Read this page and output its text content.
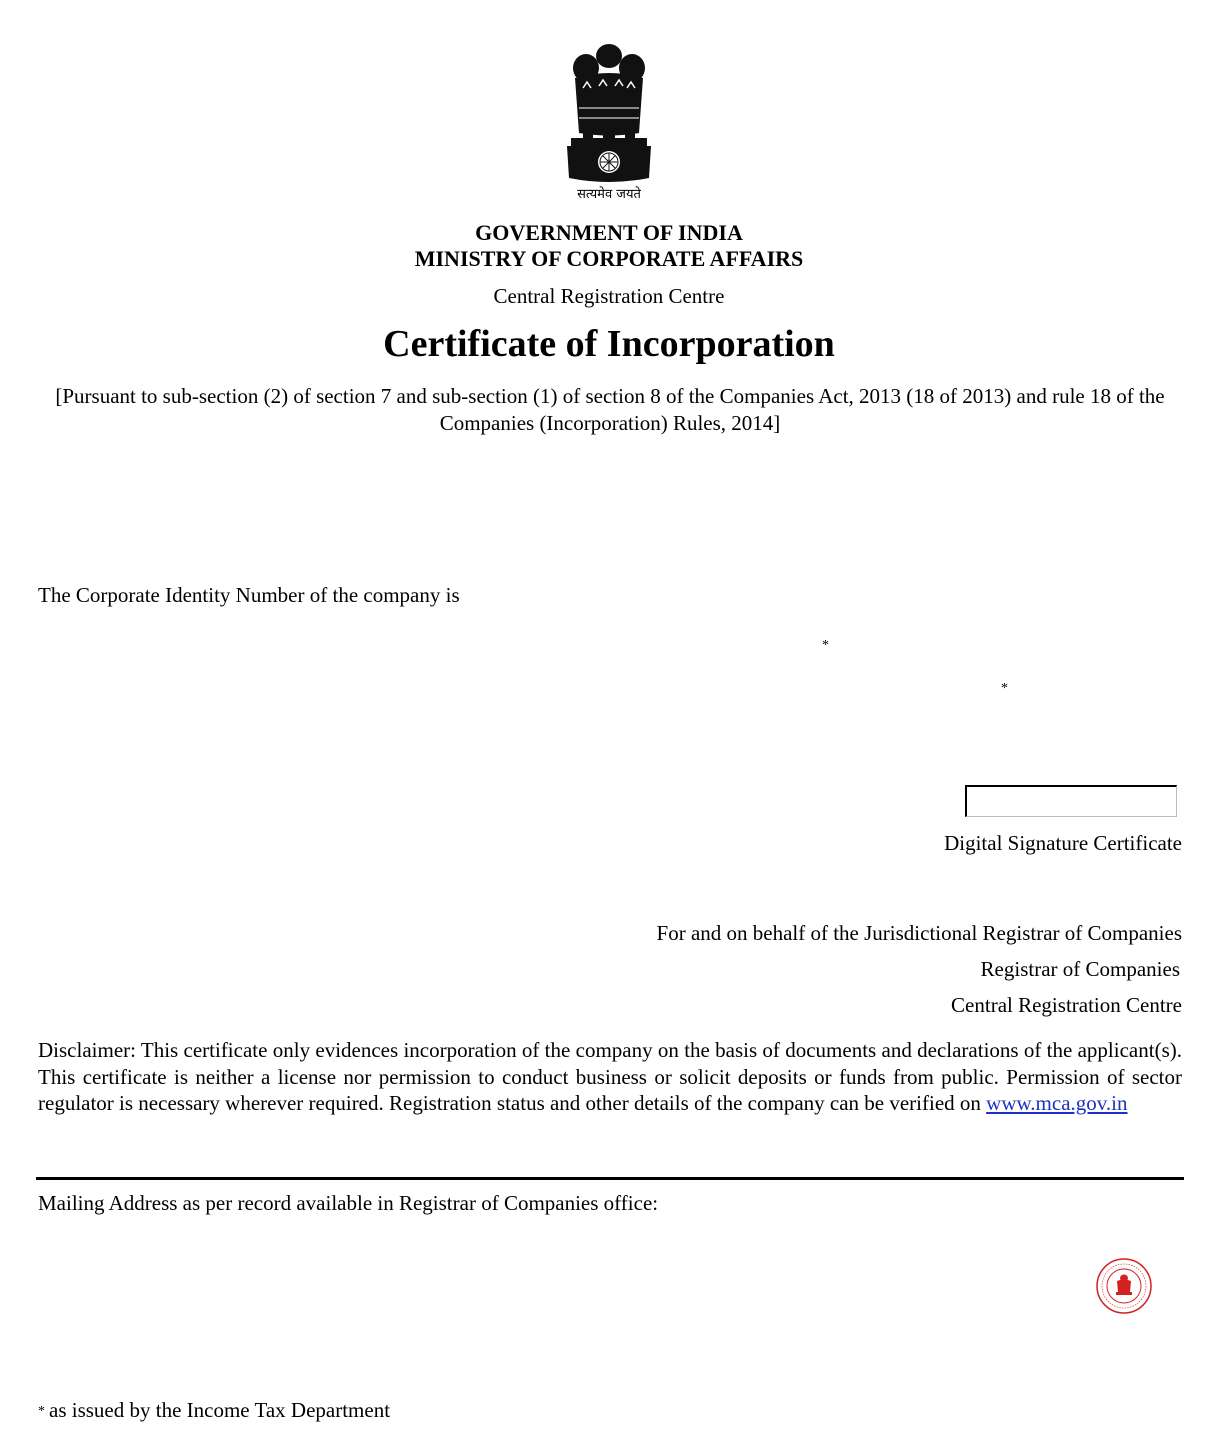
सत्यमेव जयते
GOVERNMENT OF INDIA
MINISTRY OF CORPORATE AFFAIRS
Central Registration Centre
Certificate of Incorporation
[Pursuant to sub-section (2) of section 7 and sub-section (1) of section 8 of the Companies Act, 2013 (18 of 2013) and rule 18 of the Companies (Incorporation) Rules, 2014]
The Corporate Identity Number of the company is
*
*
Digital Signature Certificate
For and on behalf of the Jurisdictional Registrar of Companies
Registrar of Companies
Central Registration Centre
Disclaimer: This certificate only evidences incorporation of the company on the basis of documents and declarations of the applicant(s). This certificate is neither a license nor permission to conduct business or solicit deposits or funds from public. Permission of sector regulator is necessary wherever required. Registration status and other details of the company can be verified on www.mca.gov.in
Mailing Address as per record available in Registrar of Companies office:
* as issued by the Income Tax Department
